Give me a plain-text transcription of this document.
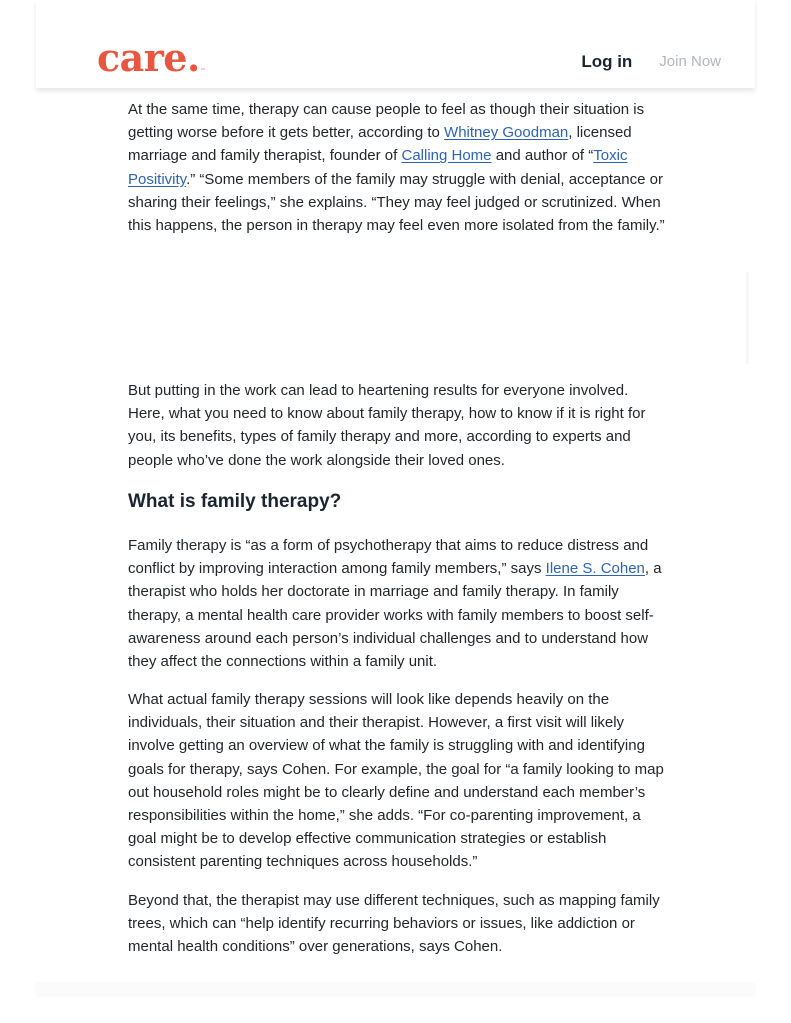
care.™	Log in Join Now

At the same time, therapy can cause people to feel as though their situation is getting worse before it gets better, according to Whitney Goodman, licensed marriage and family therapist, founder of Calling Home and author of “Toxic Positivity.” “Some members of the family may struggle with denial, acceptance or sharing their feelings,” she explains. “They may feel judged or scrutinized. When this happens, the person in therapy may feel even more isolated from the family.”

But putting in the work can lead to heartening results for everyone involved. Here, what you need to know about family therapy, how to know if it is right for you, its benefits, types of family therapy and more, according to experts and people who’ve done the work alongside their loved ones.

What is family therapy?

Family therapy is “as a form of psychotherapy that aims to reduce distress and conflict by improving interaction among family members,” says Ilene S. Cohen, a therapist who holds her doctorate in marriage and family therapy. In family therapy, a mental health care provider works with family members to boost self-awareness around each person’s individual challenges and to understand how they affect the connections within a family unit.

What actual family therapy sessions will look like depends heavily on the individuals, their situation and their therapist. However, a first visit will likely involve getting an overview of what the family is struggling with and identifying goals for therapy, says Cohen. For example, the goal for “a family looking to map out household roles might be to clearly define and understand each member’s responsibilities within the home,” she adds. “For co-parenting improvement, a goal might be to develop effective communication strategies or establish consistent parenting techniques across households.”

Beyond that, the therapist may use different techniques, such as mapping family trees, which can “help identify recurring behaviors or issues, like addiction or mental health conditions” over generations, says Cohen.
